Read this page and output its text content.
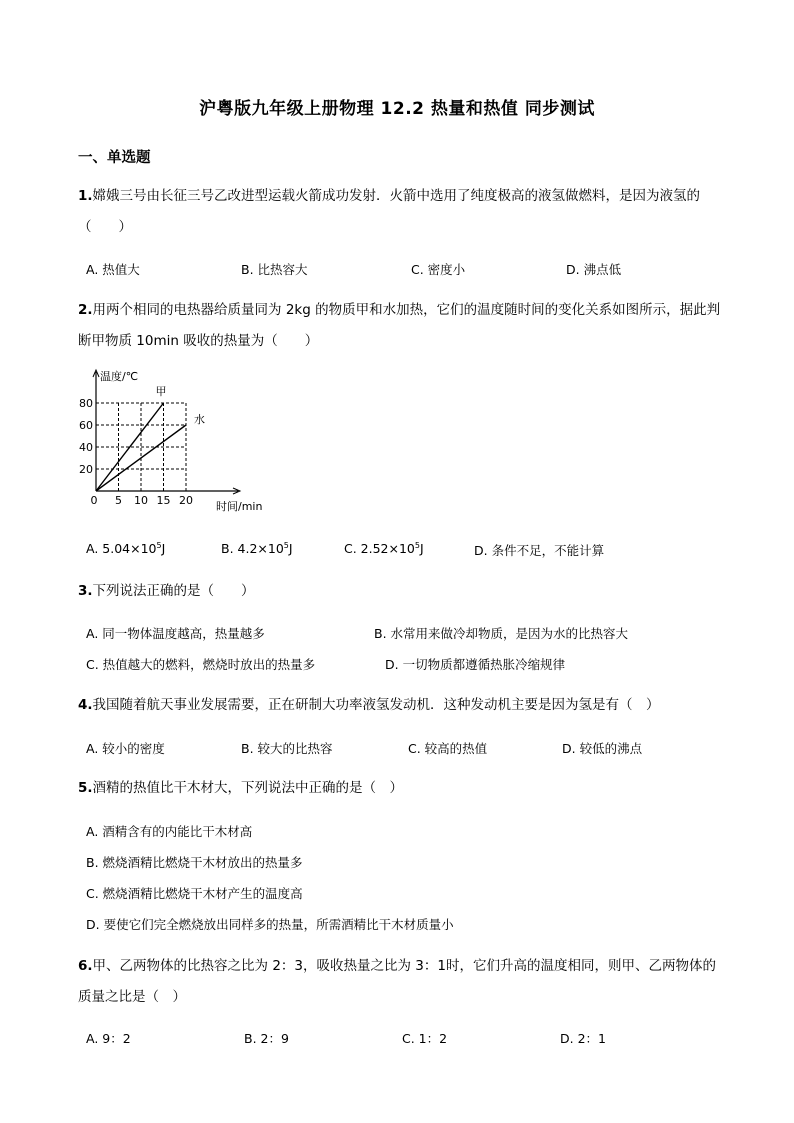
沪粤版九年级上册物理 12.2 热量和热值 同步测试
一、单选题
1.嫦娥三号由长征三号乙改进型运载火箭成功发射．火箭中选用了纯度极高的液氢做燃料，是因为液氢的（　　）
A. 热值大	B. 比热容大	C. 密度小	D. 沸点低
2.用两个相同的电热器给质量同为 2kg 的物质甲和水加热，它们的温度随时间的变化关系如图所示，据此判断甲物质 10min 吸收的热量为（　　）
20
40
60
80
0 5 10 15 20
温度/℃
时间/min
甲
水
A. $5.04\times 10^5J$	B. $4.2\times 10^5J$	C. $2.52\times 10^5J$	D. 条件不足，不能计算
3.下列说法正确的是（　　）
A. 同一物体温度越高，热量越多	B. 水常用来做冷却物质，是因为水的比热容大
C. 热值越大的燃料，燃烧时放出的热量多	D. 一切物质都遵循热胀冷缩规律
4.我国随着航天事业发展需要，正在研制大功率液氢发动机．这种发动机主要是因为氢是有（　）
A. 较小的密度	B. 较大的比热容	C. 较高的热值	D. 较低的沸点
5.酒精的热值比干木材大，下列说法中正确的是（　）
A. 酒精含有的内能比干木材高
B. 燃烧酒精比燃烧干木材放出的热量多
C. 燃烧酒精比燃烧干木材产生的温度高
D. 要使它们完全燃烧放出同样多的热量，所需酒精比干木材质量小
6.甲、乙两物体的比热容之比为 2：3，吸收热量之比为 3：1时，它们升高的温度相同，则甲、乙两物体的质量之比是（　）
A. 9：2	B. 2：9	C. 1：2	D. 2：1
